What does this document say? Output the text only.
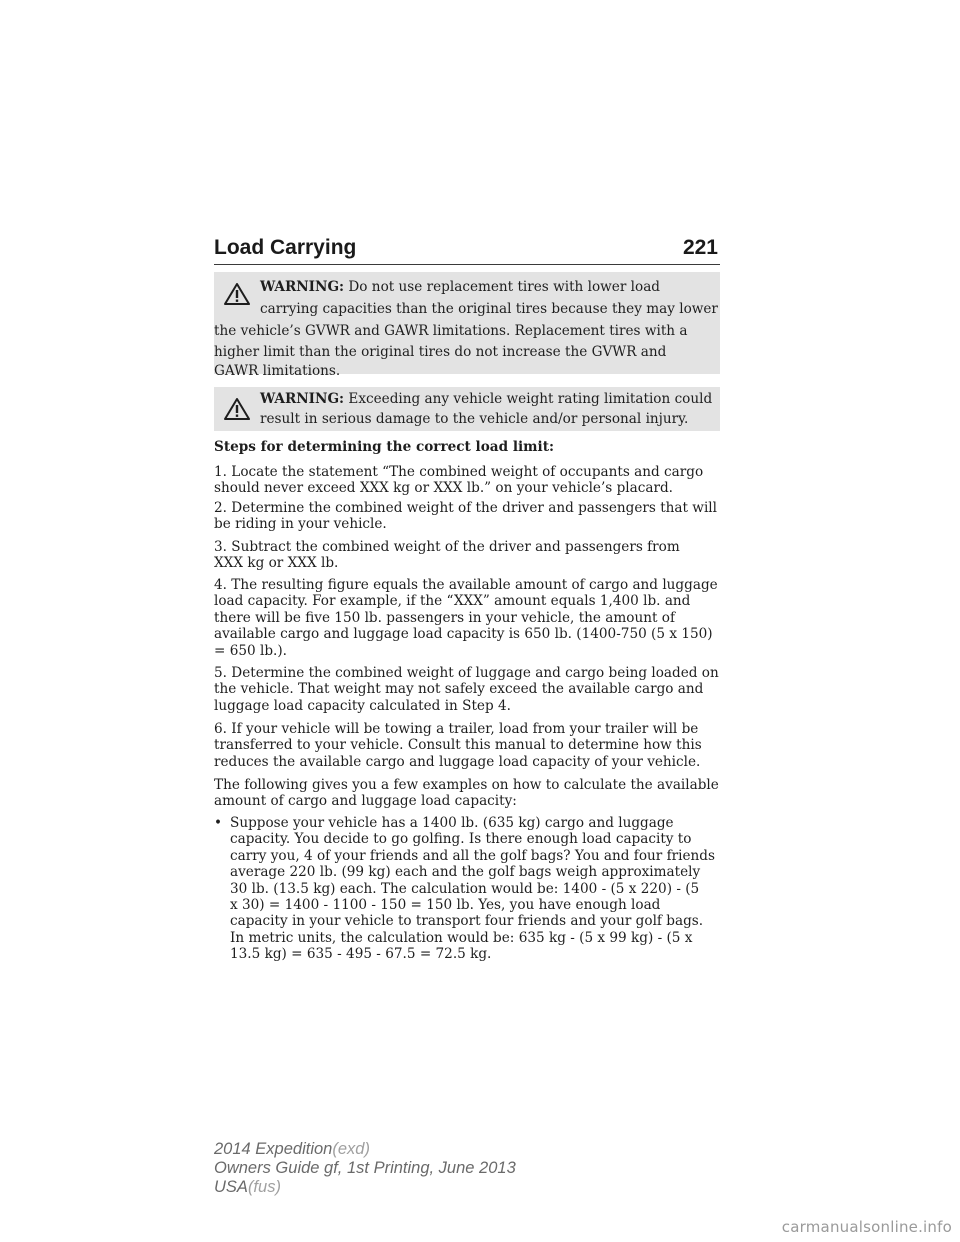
Load Carrying	221
WARNING: Do not use replacement tires with lower load
carrying capacities than the original tires because they may lower
the vehicle’s GVWR and GAWR limitations. Replacement tires with a
higher limit than the original tires do not increase the GVWR and
GAWR limitations.
WARNING: Exceeding any vehicle weight rating limitation could
result in serious damage to the vehicle and/or personal injury.
Steps for determining the correct load limit:
1. Locate the statement “The combined weight of occupants and cargo
should never exceed XXX kg or XXX lb.” on your vehicle’s placard.
2. Determine the combined weight of the driver and passengers that will
be riding in your vehicle.
3. Subtract the combined weight of the driver and passengers from
XXX kg or XXX lb.
4. The resulting figure equals the available amount of cargo and luggage
load capacity. For example, if the “XXX” amount equals 1,400 lb. and
there will be five 150 lb. passengers in your vehicle, the amount of
available cargo and luggage load capacity is 650 lb. (1400-750 (5 x 150)
= 650 lb.).
5. Determine the combined weight of luggage and cargo being loaded on
the vehicle. That weight may not safely exceed the available cargo and
luggage load capacity calculated in Step 4.
6. If your vehicle will be towing a trailer, load from your trailer will be
transferred to your vehicle. Consult this manual to determine how this
reduces the available cargo and luggage load capacity of your vehicle.
The following gives you a few examples on how to calculate the available
amount of cargo and luggage load capacity:
• Suppose your vehicle has a 1400 lb. (635 kg) cargo and luggage
capacity. You decide to go golfing. Is there enough load capacity to
carry you, 4 of your friends and all the golf bags? You and four friends
average 220 lb. (99 kg) each and the golf bags weigh approximately
30 lb. (13.5 kg) each. The calculation would be: 1400 - (5 x 220) - (5
x 30) = 1400 - 1100 - 150 = 150 lb. Yes, you have enough load
capacity in your vehicle to transport four friends and your golf bags.
In metric units, the calculation would be: 635 kg - (5 x 99 kg) - (5 x
13.5 kg) = 635 - 495 - 67.5 = 72.5 kg.
2014 Expedition(exd)
Owners Guide gf, 1st Printing, June 2013
USA(fus)
carmanualsonline.info
